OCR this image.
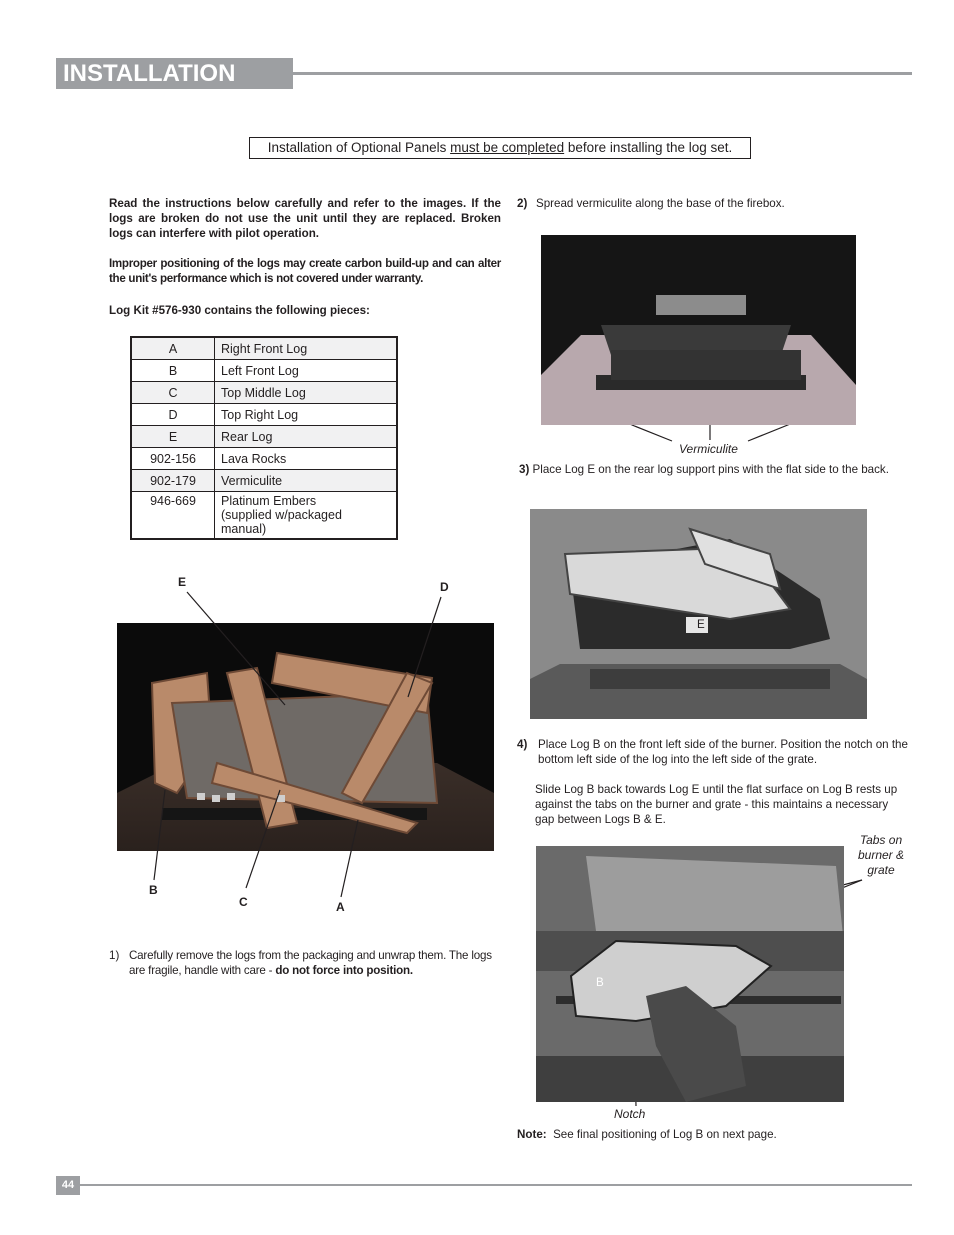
INSTALLATION
Installation of Optional Panels must be completed before installing the log set.
Read the instructions below carefully and refer to the images. If the logs are broken do not use the unit until they are replaced. Broken logs can interfere with pilot operation.
Improper positioning of the logs may create carbon build-up and can alter the unit's performance which is not covered under warranty.
Log Kit #576-930 contains the following pieces:
A	Right Front Log
B	Left Front Log
C	Top Middle Log
D	Top Right Log
E	Rear Log
902-156	Lava Rocks
902-179	Vermiculite
946-669	Platinum Embers
(supplied w/packaged manual)
E	D
B
C	A
1) Carefully remove the logs from the packaging and unwrap them. The logs are fragile, handle with care - do not force into position.
2) Spread vermiculite along the base of the firebox.
Vermiculite
3) Place Log E on the rear log support pins with the flat side to the back.
E
4) Place Log B on the front left side of the burner. Position the notch on the bottom left side of the log into the left side of the grate.
Slide Log B back towards Log E until the flat surface on Log B rests up against the tabs on the burner and grate - this maintains a necessary gap between Logs B & E.
Tabs on burner & grate
B
Notch
Note: See final positioning of Log B on next page.
44
